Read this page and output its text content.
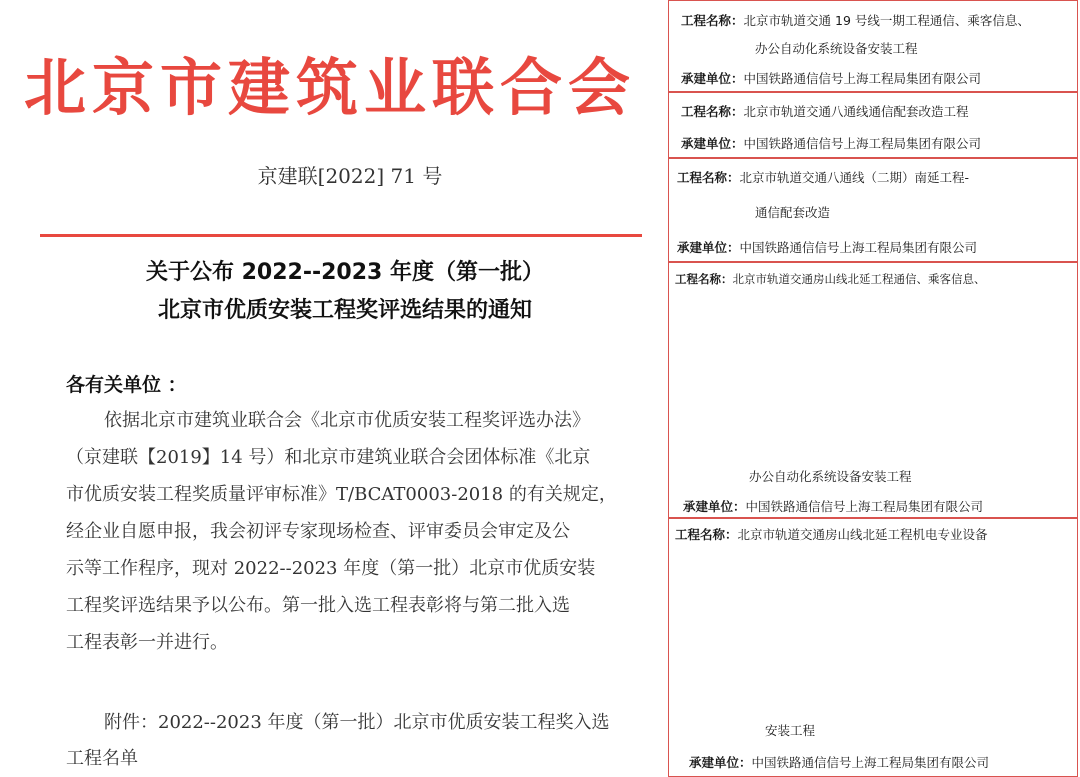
北京市建筑业联合会
京建联[2022] 71 号
关于公布 2022--2023 年度（第一批）
北京市优质安装工程奖评选结果的通知
各有关单位 ：
依据北京市建筑业联合会《北京市优质安装工程奖评选办法》
（京建联【2019】14 号）和北京市建筑业联合会团体标准《北京
市优质安装工程奖质量评审标准》T/BCAT0003-2018 的有关规定，
经企业自愿申报，我会初评专家现场检查、评审委员会审定及公
示等工作程序，现对 2022--2023 年度（第一批）北京市优质安装
工程奖评选结果予以公布。第一批入选工程表彰将与第二批入选
工程表彰一并进行。
附件：2022--2023 年度（第一批）北京市优质安装工程奖入选
工程名单
工程名称：北京市轨道交通 19 号线一期工程通信、乘客信息、
办公自动化系统设备安装工程
承建单位：中国铁路通信信号上海工程局集团有限公司
工程名称：北京市轨道交通八通线通信配套改造工程
承建单位：中国铁路通信信号上海工程局集团有限公司
工程名称：北京市轨道交通八通线（二期）南延工程-
通信配套改造
承建单位：中国铁路通信信号上海工程局集团有限公司
工程名称：北京市轨道交通房山线北延工程通信、乘客信息、
办公自动化系统设备安装工程
承建单位：中国铁路通信信号上海工程局集团有限公司
工程名称：北京市轨道交通房山线北延工程机电专业设备
安装工程
承建单位：中国铁路通信信号上海工程局集团有限公司
